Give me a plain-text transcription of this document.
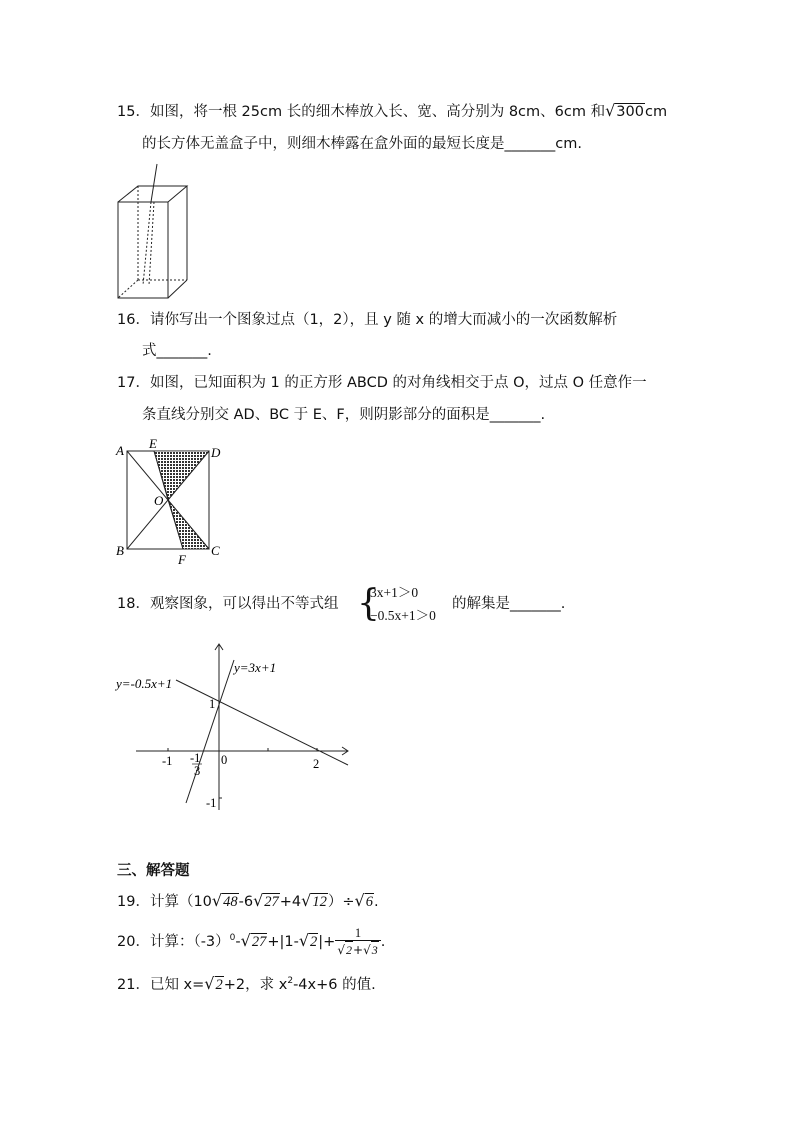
15．如图，将一根 25cm 长的细木棒放入长、宽、高分别为 8cm、6cm 和√300cm
的长方体无盖盒子中，则细木棒露在盒外面的最短长度是_______cm.
16．请你写出一个图象过点（1，2），且 y 随 x 的增大而减小的一次函数解析
式_______.
17．如图，已知面积为 1 的正方形 ABCD 的对角线相交于点 O，过点 O 任意作一
条直线分别交 AD、BC 于 E、F，则阴影部分的面积是_______.
A E
D
O
B
F
C
18．观察图象，可以得出不等式组 {
3x+1＞0
−0.5x+1＞0
的解集是_______.
y=3x+1
y=-0.5x+1
-1 -1
3
0	2
1
-1
三、解答题
19．计算（10√48-6√27+4√12）÷√6.
20．计算：$(-3)^0-√27+|1-√2|+ \frac{1}{√2+√3}$ .
21．已知 x=√2+2，求 $x^2-4x+6$ 的值.
